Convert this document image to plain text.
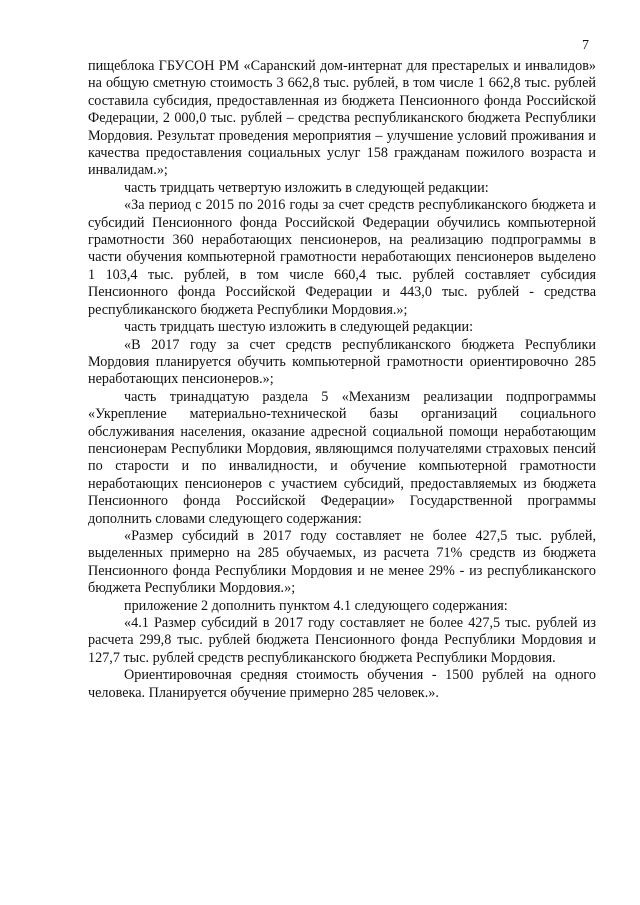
7

пищеблока ГБУСОН РМ «Саранский дом-интернат для престарелых и инвалидов» на общую сметную стоимость 3 662,8 тыс. рублей, в том числе 1 662,8 тыс. рублей составила субсидия, предоставленная из бюджета Пенсионного фонда Российской Федерации, 2 000,0 тыс. рублей – средства республиканского бюджета Республики Мордовия. Результат проведения мероприятия – улучшение условий проживания и качества предоставления социальных услуг 158 гражданам пожилого возраста и инвалидам.»;

часть тридцать четвертую изложить в следующей редакции:

«За период с 2015 по 2016 годы за счет средств республиканского бюджета и субсидий Пенсионного фонда Российской Федерации обучились компьютерной грамотности 360 неработающих пенсионеров, на реализацию подпрограммы в части обучения компьютерной грамотности неработающих пенсионеров выделено 1 103,4 тыс. рублей, в том числе 660,4 тыс. рублей составляет субсидия Пенсионного фонда Российской Федерации и 443,0 тыс. рублей - средства республиканского бюджета Республики Мордовия.»;

часть тридцать шестую изложить в следующей редакции:

«В 2017 году за счет средств республиканского бюджета Республики Мордовия планируется обучить компьютерной грамотности ориентировочно 285 неработающих пенсионеров.»;

часть тринадцатую раздела 5 «Механизм реализации подпрограммы «Укрепление материально-технической базы организаций социального обслуживания населения, оказание адресной социальной помощи неработающим пенсионерам Республики Мордовия, являющимся получателями страховых пенсий по старости и по инвалидности, и обучение компьютерной грамотности неработающих пенсионеров с участием субсидий, предоставляемых из бюджета Пенсионного фонда Российской Федерации» Государственной программы дополнить словами следующего содержания:

«Размер субсидий в 2017 году составляет не более 427,5 тыс. рублей, выделенных примерно на 285 обучаемых, из расчета 71% средств из бюджета Пенсионного фонда Республики Мордовия и не менее 29% - из республиканского бюджета Республики Мордовия.»;

приложение 2 дополнить пунктом 4.1 следующего содержания:

«4.1 Размер субсидий в 2017 году составляет не более 427,5 тыс. рублей из расчета 299,8 тыс. рублей бюджета Пенсионного фонда Республики Мордовия и 127,7 тыс. рублей средств республиканского бюджета Республики Мордовия.

Ориентировочная средняя стоимость обучения - 1500 рублей на одного человека. Планируется обучение примерно 285 человек.».
